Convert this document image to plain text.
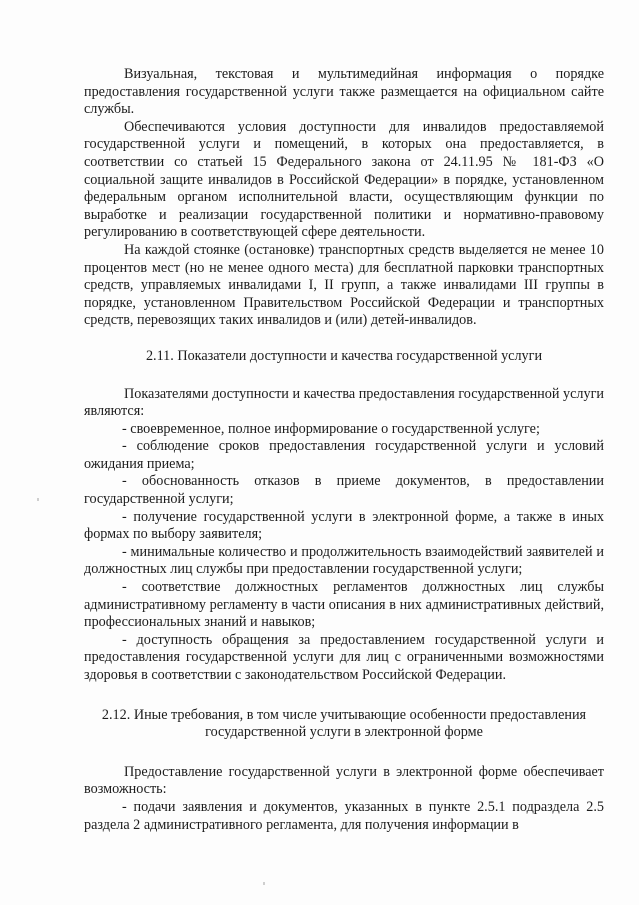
Визуальная, текстовая и мультимедийная информация о порядке предоставления государственной услуги также размещается на официальном сайте службы.

Обеспечиваются условия доступности для инвалидов предоставляемой государственной услуги и помещений, в которых она предоставляется, в соответствии со статьей 15 Федерального закона от 24.11.95 № 181-ФЗ «О социальной защите инвалидов в Российской Федерации» в порядке, установленном федеральным органом исполнительной власти, осуществляющим функции по выработке и реализации государственной политики и нормативно-правовому регулированию в соответствующей сфере деятельности.

На каждой стоянке (остановке) транспортных средств выделяется не менее 10 процентов мест (но не менее одного места) для бесплатной парковки транспортных средств, управляемых инвалидами I, II групп, а также инвалидами III группы в порядке, установленном Правительством Российской Федерации и транспортных средств, перевозящих таких инвалидов и (или) детей-инвалидов.

2.11. Показатели доступности и качества государственной услуги

Показателями доступности и качества предоставления государственной услуги являются:

- своевременное, полное информирование о государственной услуге;

- соблюдение сроков предоставления государственной услуги и условий ожидания приема;

- обоснованность отказов в приеме документов, в предоставлении государственной услуги;

- получение государственной услуги в электронной форме, а также в иных формах по выбору заявителя;

- минимальные количество и продолжительность взаимодействий заявителей и должностных лиц службы при предоставлении государственной услуги;

- соответствие должностных регламентов должностных лиц службы административному регламенту в части описания в них административных действий, профессиональных знаний и навыков;

- доступность обращения за предоставлением государственной услуги и предоставления государственной услуги для лиц с ограниченными возможностями здоровья в соответствии с законодательством Российской Федерации.

2.12. Иные требования, в том числе учитывающие особенности предоставления
государственной услуги в электронной форме

Предоставление государственной услуги в электронной форме обеспечивает возможность:

- подачи заявления и документов, указанных в пункте 2.5.1 подраздела 2.5 раздела 2 административного регламента, для получения информации в
